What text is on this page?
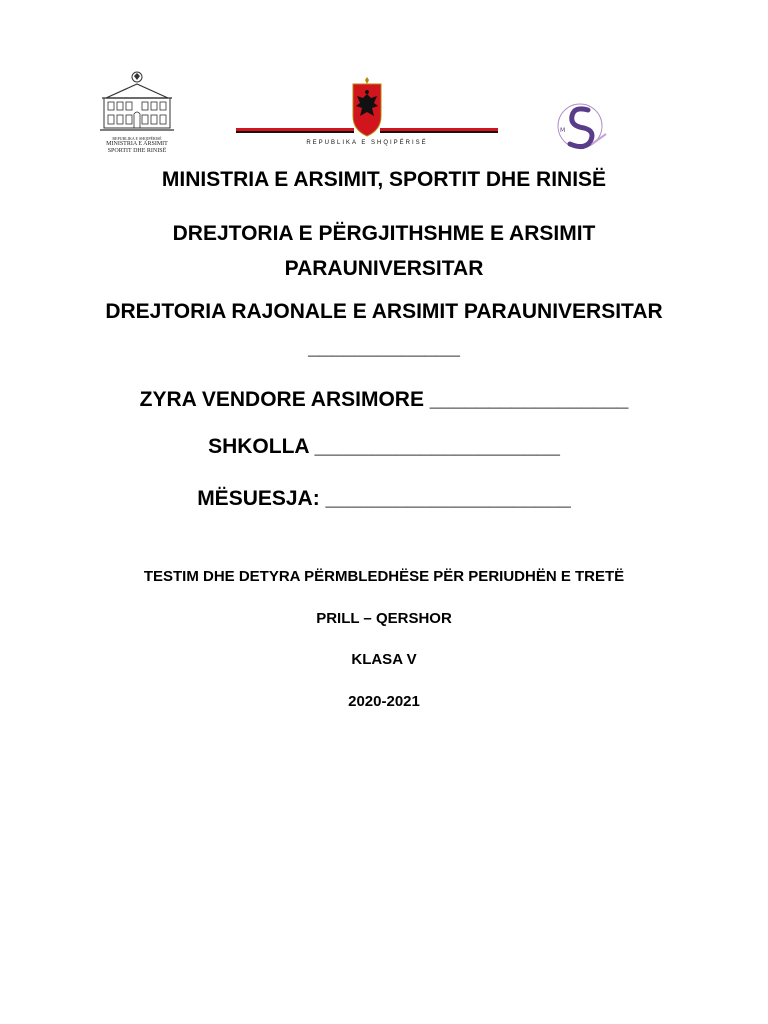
REPUBLIKA E SHQIPËRISË
MINISTRIA E ARSIMIT
SPORTIT DHE RINISË
REPUBLIKA E SHQIPËRISË
M
MINISTRIA E ARSIMIT, SPORTIT DHE RINISË
DREJTORIA E PËRGJITHSHME E ARSIMIT
PARAUNIVERSITAR
DREJTORIA RAJONALE E ARSIMIT PARAUNIVERSITAR
_____________
ZYRA VENDORE ARSIMORE _________________
SHKOLLA _____________________
MËSUESJA: _____________________
TESTIM DHE DETYRA PËRMBLEDHËSE PËR PERIUDHËN E TRETË
PRILL – QERSHOR
KLASA V
2020-2021
